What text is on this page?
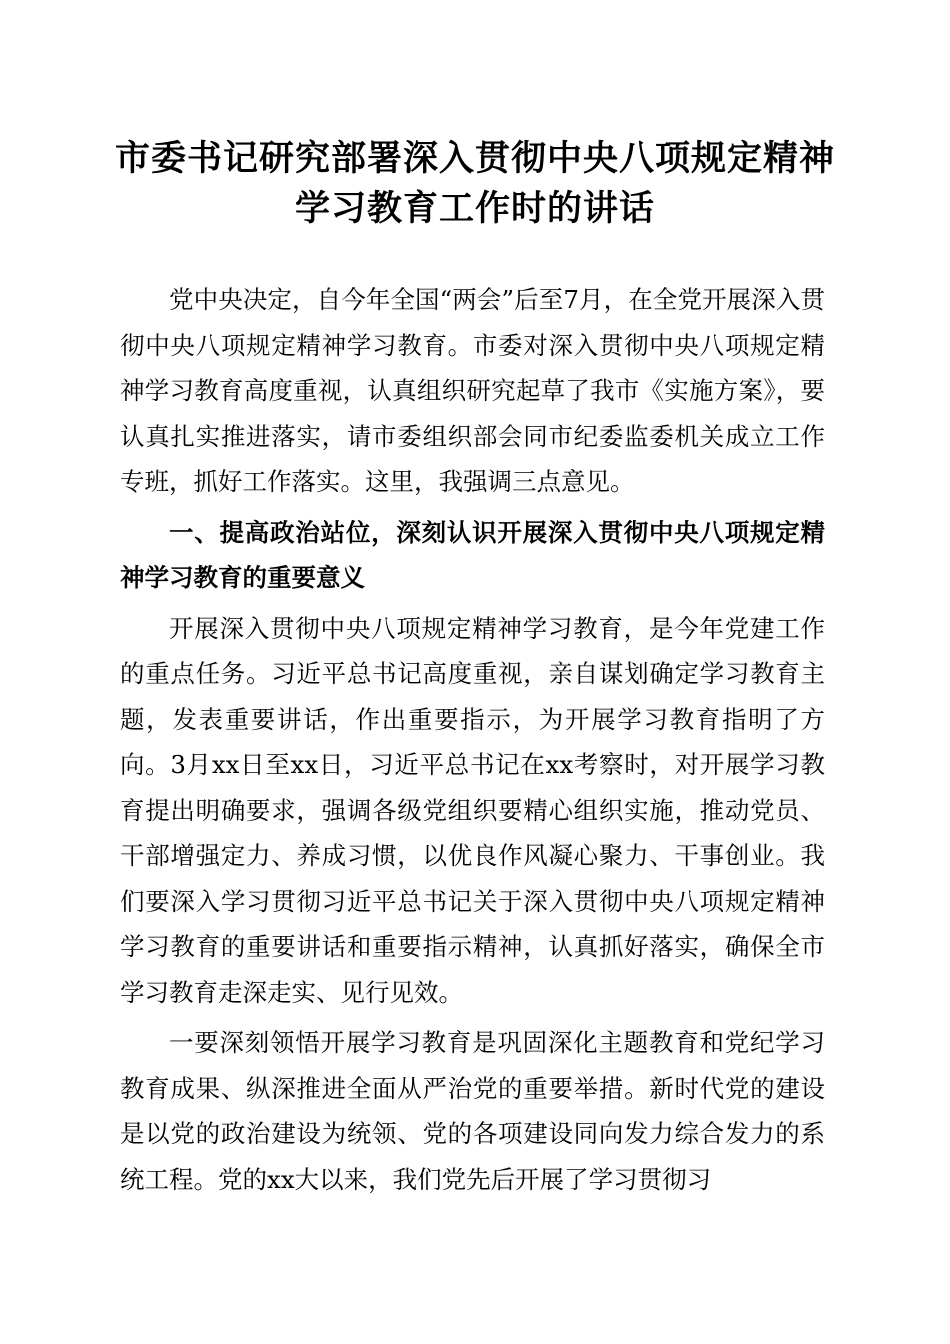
市委书记研究部署深入贯彻中央八项规定精神
学习教育工作时的讲话

党中央决定，自今年全国“两会”后至7月，在全党开展深入贯彻中央八项规定精神学习教育。市委对深入贯彻中央八项规定精神学习教育高度重视，认真组织研究起草了我市《实施方案》，要认真扎实推进落实，请市委组织部会同市纪委监委机关成立工作专班，抓好工作落实。这里，我强调三点意见。

一、提高政治站位，深刻认识开展深入贯彻中央八项规定精神学习教育的重要意义

开展深入贯彻中央八项规定精神学习教育，是今年党建工作的重点任务。习近平总书记高度重视，亲自谋划确定学习教育主题，发表重要讲话，作出重要指示，为开展学习教育指明了方向。3月xx日至xx日，习近平总书记在xx考察时，对开展学习教育提出明确要求，强调各级党组织要精心组织实施，推动党员、干部增强定力、养成习惯，以优良作风凝心聚力、干事创业。我们要深入学习贯彻习近平总书记关于深入贯彻中央八项规定精神学习教育的重要讲话和重要指示精神，认真抓好落实，确保全市学习教育走深走实、见行见效。

一要深刻领悟开展学习教育是巩固深化主题教育和党纪学习教育成果、纵深推进全面从严治党的重要举措。新时代党的建设是以党的政治建设为统领、党的各项建设同向发力综合发力的系统工程。党的xx大以来，我们党先后开展了学习贯彻习
